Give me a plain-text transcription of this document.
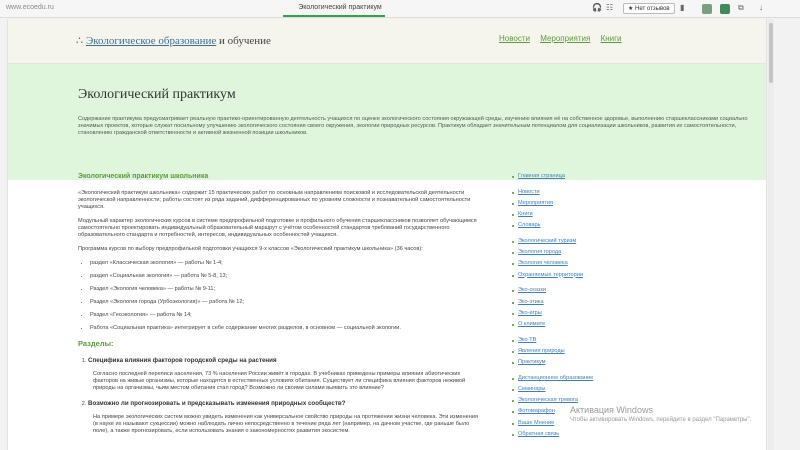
www.ecoedu.ru	Экологический практикум	🎧 ☷	★ Нет отзывов	▮	⧉ ↓
∴ Экологическое образование и обучение	Новости Мероприятия Книги
Экологический практикум

Содержание практикума предусматривает реальную практико-ориентированную деятельность учащихся по оценке экологического состояния окружающей среды, изучению влияния её на собственное здоровье, выполнению старшеклассниками социально значимых проектов, которые служат посильному улучшению экологического состояния своего окружения, экологии природных ресурсов. Практикум обладает значительным потенциалом для социализации школьников, развития их самостоятельности, становлению гражданской ответственности и активной жизненной позиции школьников.

Экологический практикум школьника

«Экологический практикум школьника» содержит 15 практических работ по основным направлениям поисковой и исследовательской деятельности экологической направленности; работы состоят из ряда заданий, дифференцированных по уровням сложности и познавательной самостоятельности учащихся.

Модульный характер экологических курсов в системе предпрофильной подготовке и профильного обучения старшеклассников позволяет обучающимся самостоятельно проектировать индивидуальный образовательный маршрут с учётом особенностей стандартов требований государственного образовательного стандарта и потребностей, интересов, индивидуальных особенностей учащихся.

Программа курсов по выбору предпрофильной подготовки учащихся 9-х классов «Экологический практикум школьника» (36 часов):

• раздел «Классическая экология» — работы № 1-4;
• раздел «Социальная экология» — работа № 5-8, 13;
• Раздел «Экология человека» — работы № 9-11;
• Раздел «Экология города (Урбоэкология)» — работа № 12;
• Раздел «Геоэкология» — работа № 14;
• Работа «Социальная практика» интегрирует в себе содержание многих разделов, в основном — социальной экологии.
Разделы:
1. Специфика влияния факторов городской среды на растения

Согласно последней переписи населения, 73 % населения России живёт в городах. В учебниках приведены примеры влияния абиотических факторов на живые организмы, которые находятся в естественных условиях обитания. Существует ли специфика влияния факторов неживой природы на организмы, чьим местом обитания стал город? Возможно ли своими силами выявить это влияние?

2. Возможно ли прогнозировать и предсказывать изменения природных сообществ?

На примере экологических систем можно увидеть изменения как универсальное свойство природы на протяжении жизни человека. Эти изменения (в науке их называют сукцессии) можно наблюдать лично непосредственно в течение ряда лет (например, на дачном участке, где раньше было поле), а также прогнозировать, если использовать знания о закономерностях развития экосистем.

Главная страница
Новости
Мероприятия
Книги
Словарь
Экологический туризм
Экология города
Экология человека
Охраняемые территории
Эко-сказки
Эко-этика
Эко-игры
О климате
Эко ТВ
Явления природы
Практикум
Дистанционное образование
Семинары
Экологическая тревога
Фотомарафон
Ваше Мнение
Обратная связь
Активация Windows
Чтобы активировать Windows, перейдите в раздел "Параметры".
